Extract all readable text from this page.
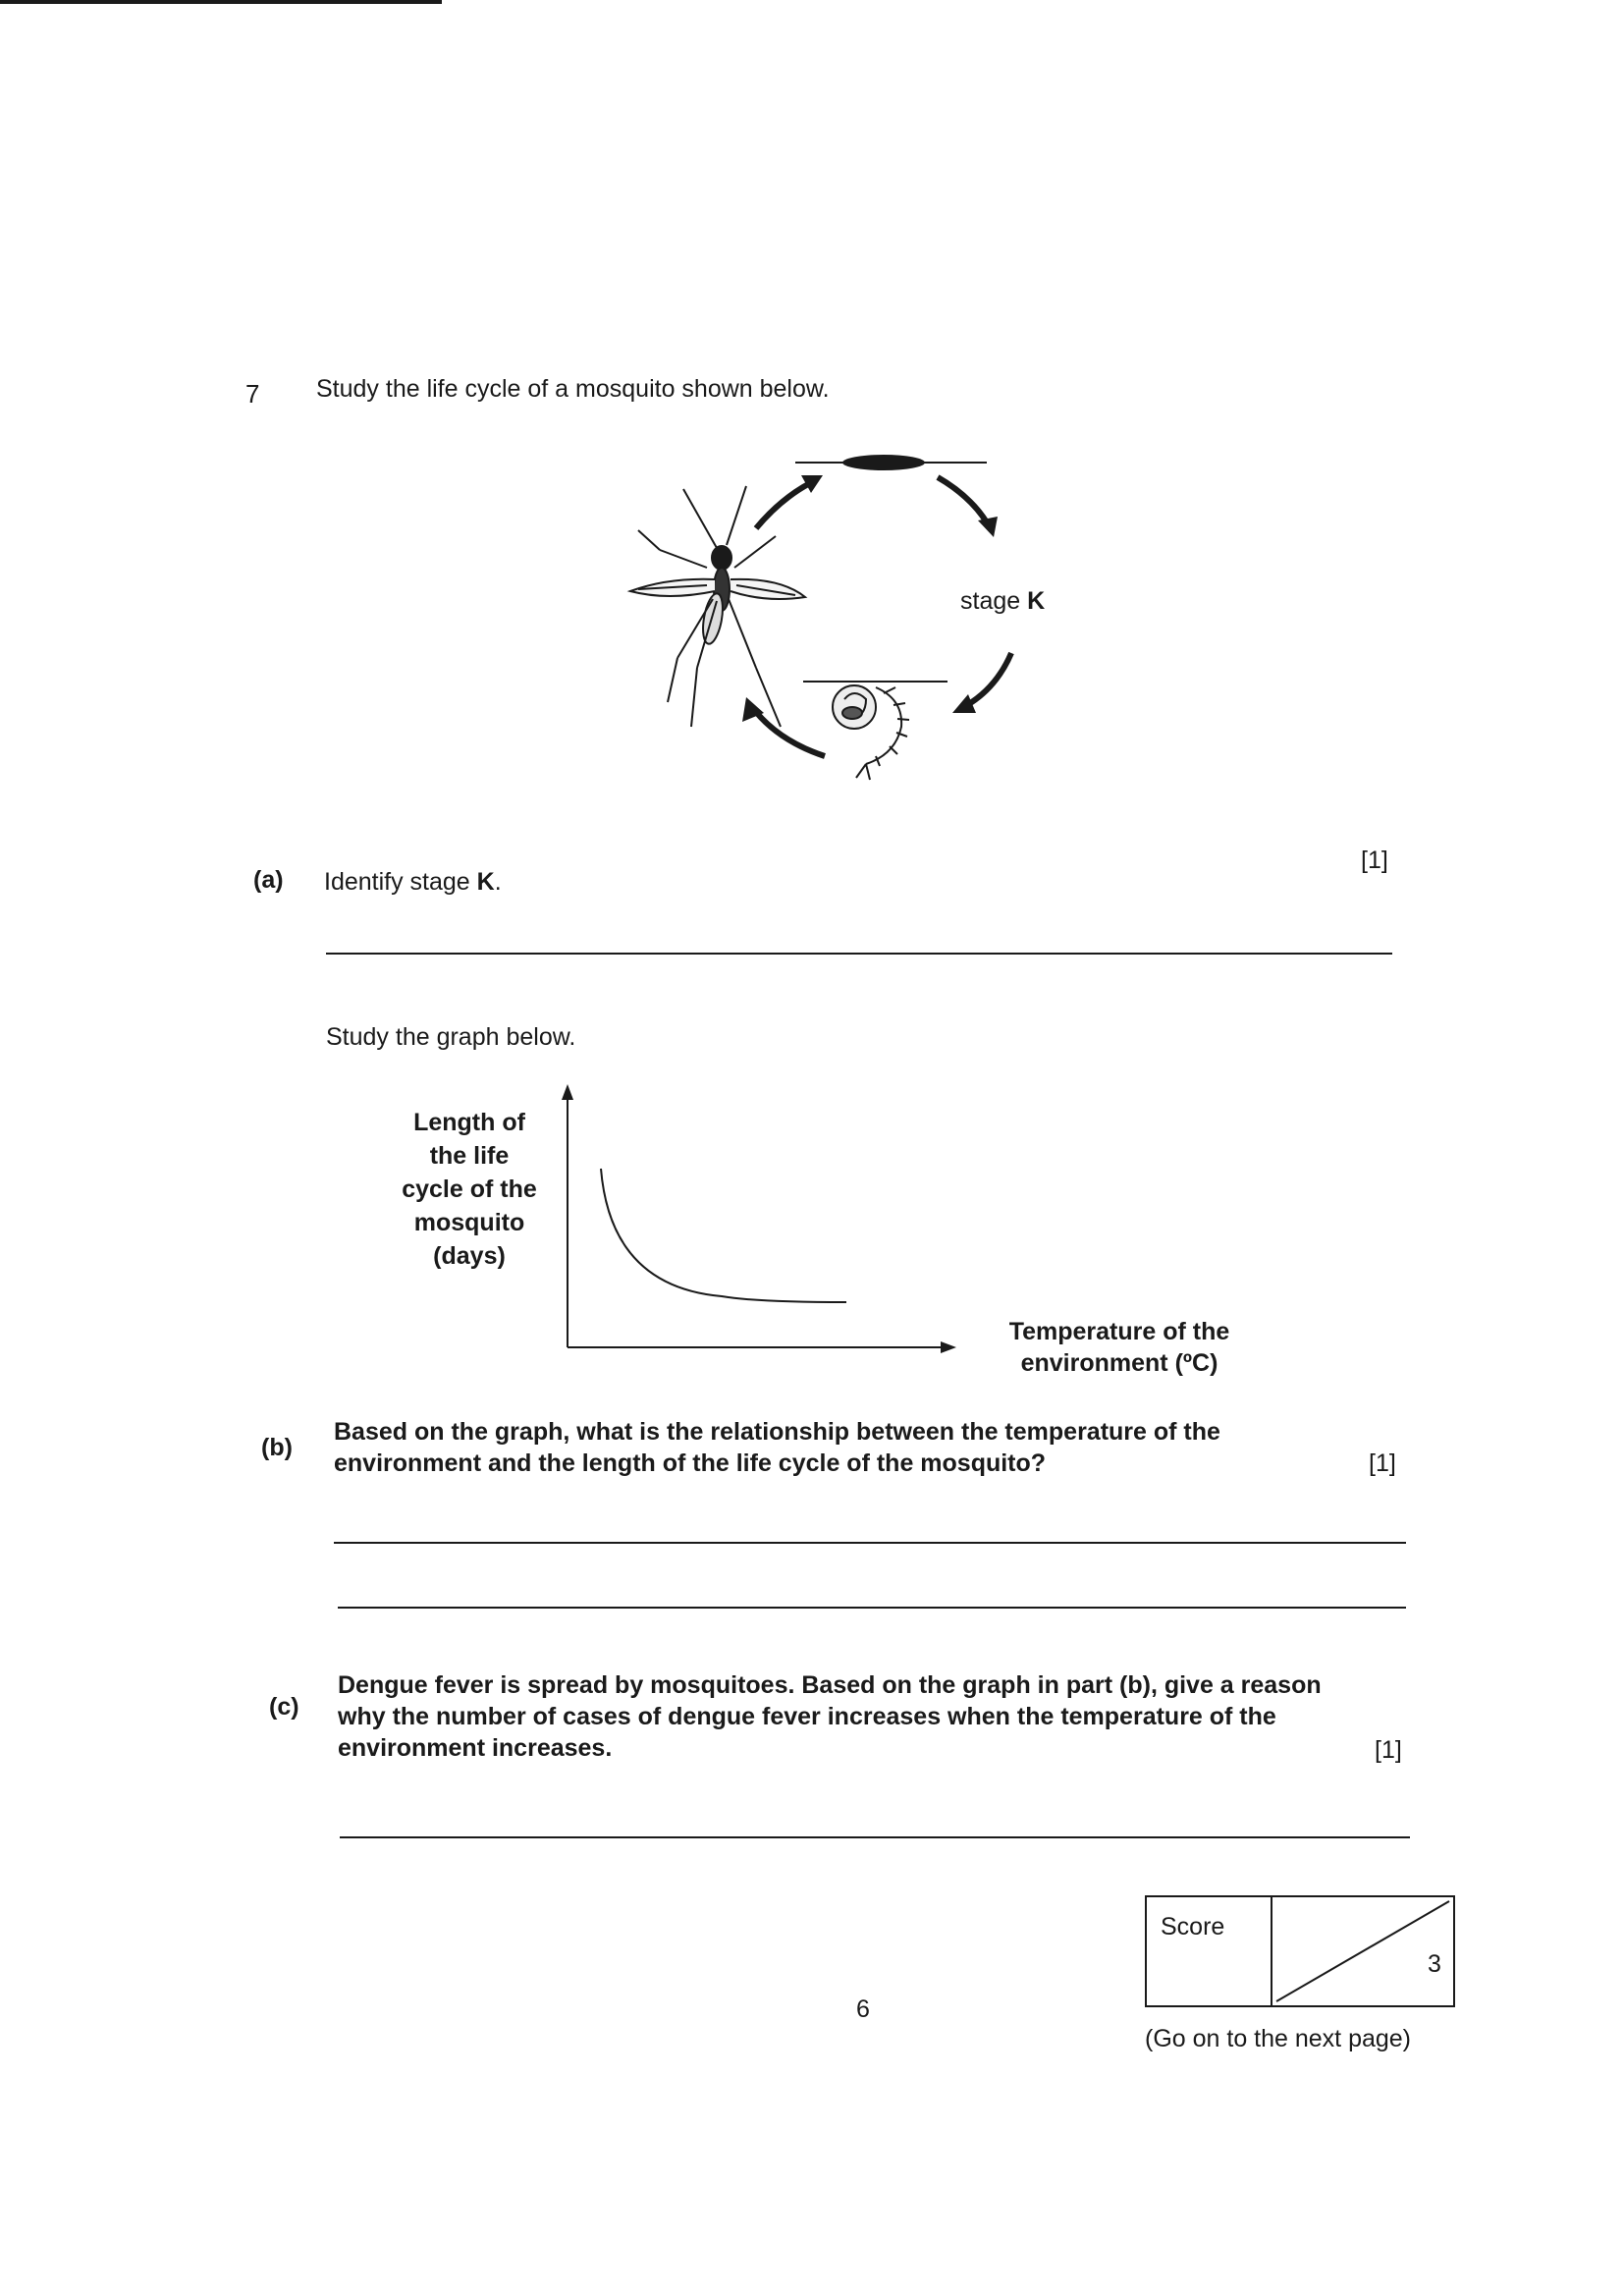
7 Study the life cycle of a mosquito shown below.
stage K
(a) Identify stage K.
[1]
Study the graph below.
Length of
the life
cycle of the
mosquito
(days)
Temperature of the
environment (ºC)
(b)
Based on the graph, what is the relationship between the temperature of the
environment and the length of the life cycle of the mosquito?	[1]
(c)
Dengue fever is spread by mosquitoes. Based on the graph in part (b), give a reason
why the number of cases of dengue fever increases when the temperature of the
environment increases.	[1]
Score
3
6
(Go on to the next page)
